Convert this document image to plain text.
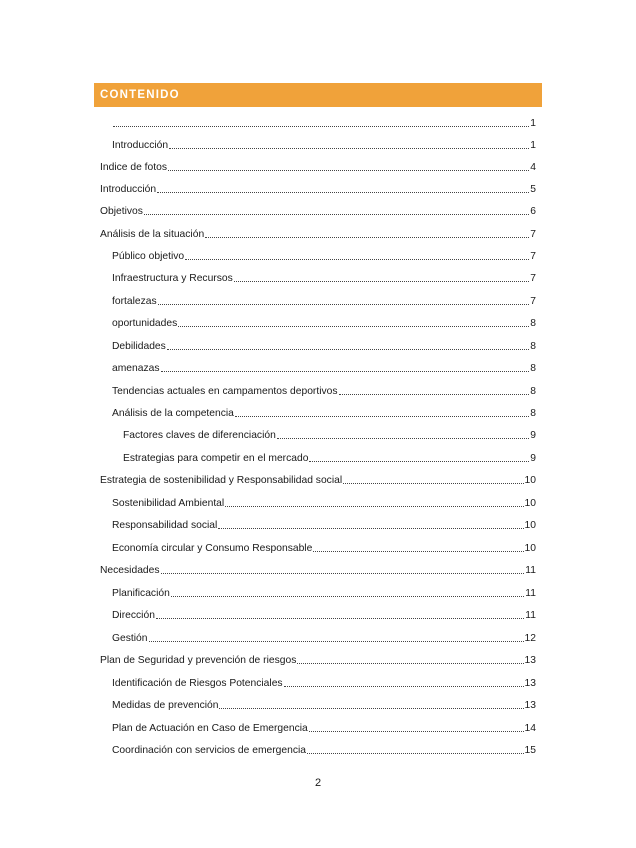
CONTENIDO
1
Introducción	1
Indice de fotos	4
Introducción	5
Objetivos	6
Análisis de la situación	7
Público objetivo	7
Infraestructura y Recursos	7
fortalezas	7
oportunidades	8
Debilidades	8
amenazas	8
Tendencias actuales en campamentos deportivos	8
Análisis de la competencia	8
Factores claves de diferenciación	9
Estrategias para competir en el mercado	9
Estrategia de sostenibilidad y Responsabilidad social	10
Sostenibilidad Ambiental	10
Responsabilidad social	10
Economía circular y Consumo Responsable	10
Necesidades	11
Planificación	11
Dirección	11
Gestión	12
Plan de Seguridad y prevención de riesgos	13
Identificación de Riesgos Potenciales	13
Medidas de prevención	13
Plan de Actuación en Caso de Emergencia	14
Coordinación con servicios de emergencia	15
2
